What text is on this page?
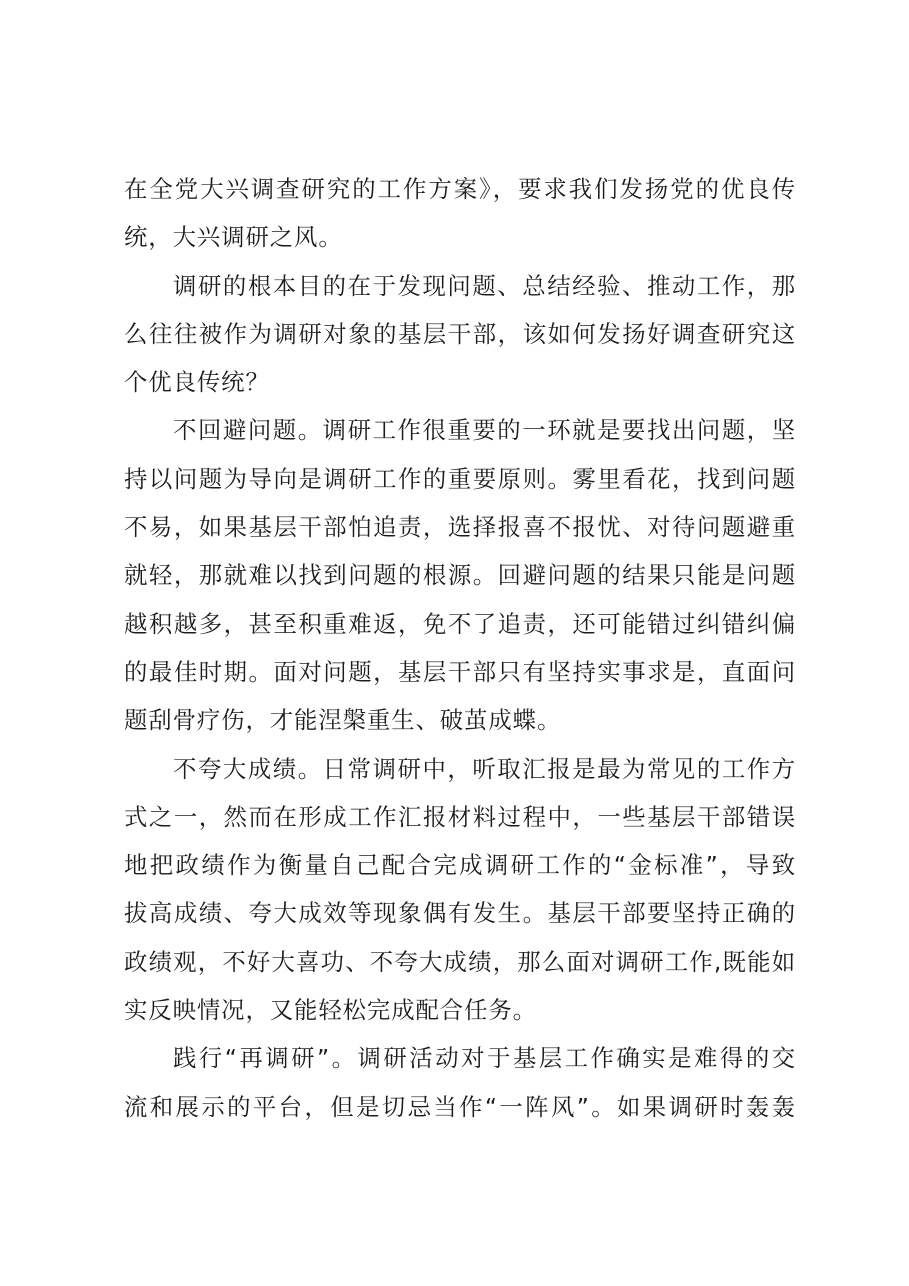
在全党大兴调查研究的工作方案》，要求我们发扬党的优良传
统，大兴调研之风。

调研的根本目的在于发现问题、总结经验、推动工作，那
么往往被作为调研对象的基层干部，该如何发扬好调查研究这
个优良传统？

不回避问题。调研工作很重要的一环就是要找出问题，坚
持以问题为导向是调研工作的重要原则。雾里看花，找到问题
不易，如果基层干部怕追责，选择报喜不报忧、对待问题避重
就轻，那就难以找到问题的根源。回避问题的结果只能是问题
越积越多，甚至积重难返，免不了追责，还可能错过纠错纠偏
的最佳时期。面对问题，基层干部只有坚持实事求是，直面问
题刮骨疗伤，才能涅槃重生、破茧成蝶。

不夸大成绩。日常调研中，听取汇报是最为常见的工作方
式之一，然而在形成工作汇报材料过程中，一些基层干部错误
地把政绩作为衡量自己配合完成调研工作的“金标准”，导致
拔高成绩、夸大成效等现象偶有发生。基层干部要坚持正确的
政绩观，不好大喜功、不夸大成绩，那么面对调研工作,既能如
实反映情况，又能轻松完成配合任务。

践行“再调研”。调研活动对于基层工作确实是难得的交
流和展示的平台，但是切忌当作“一阵风”。如果调研时轰轰
